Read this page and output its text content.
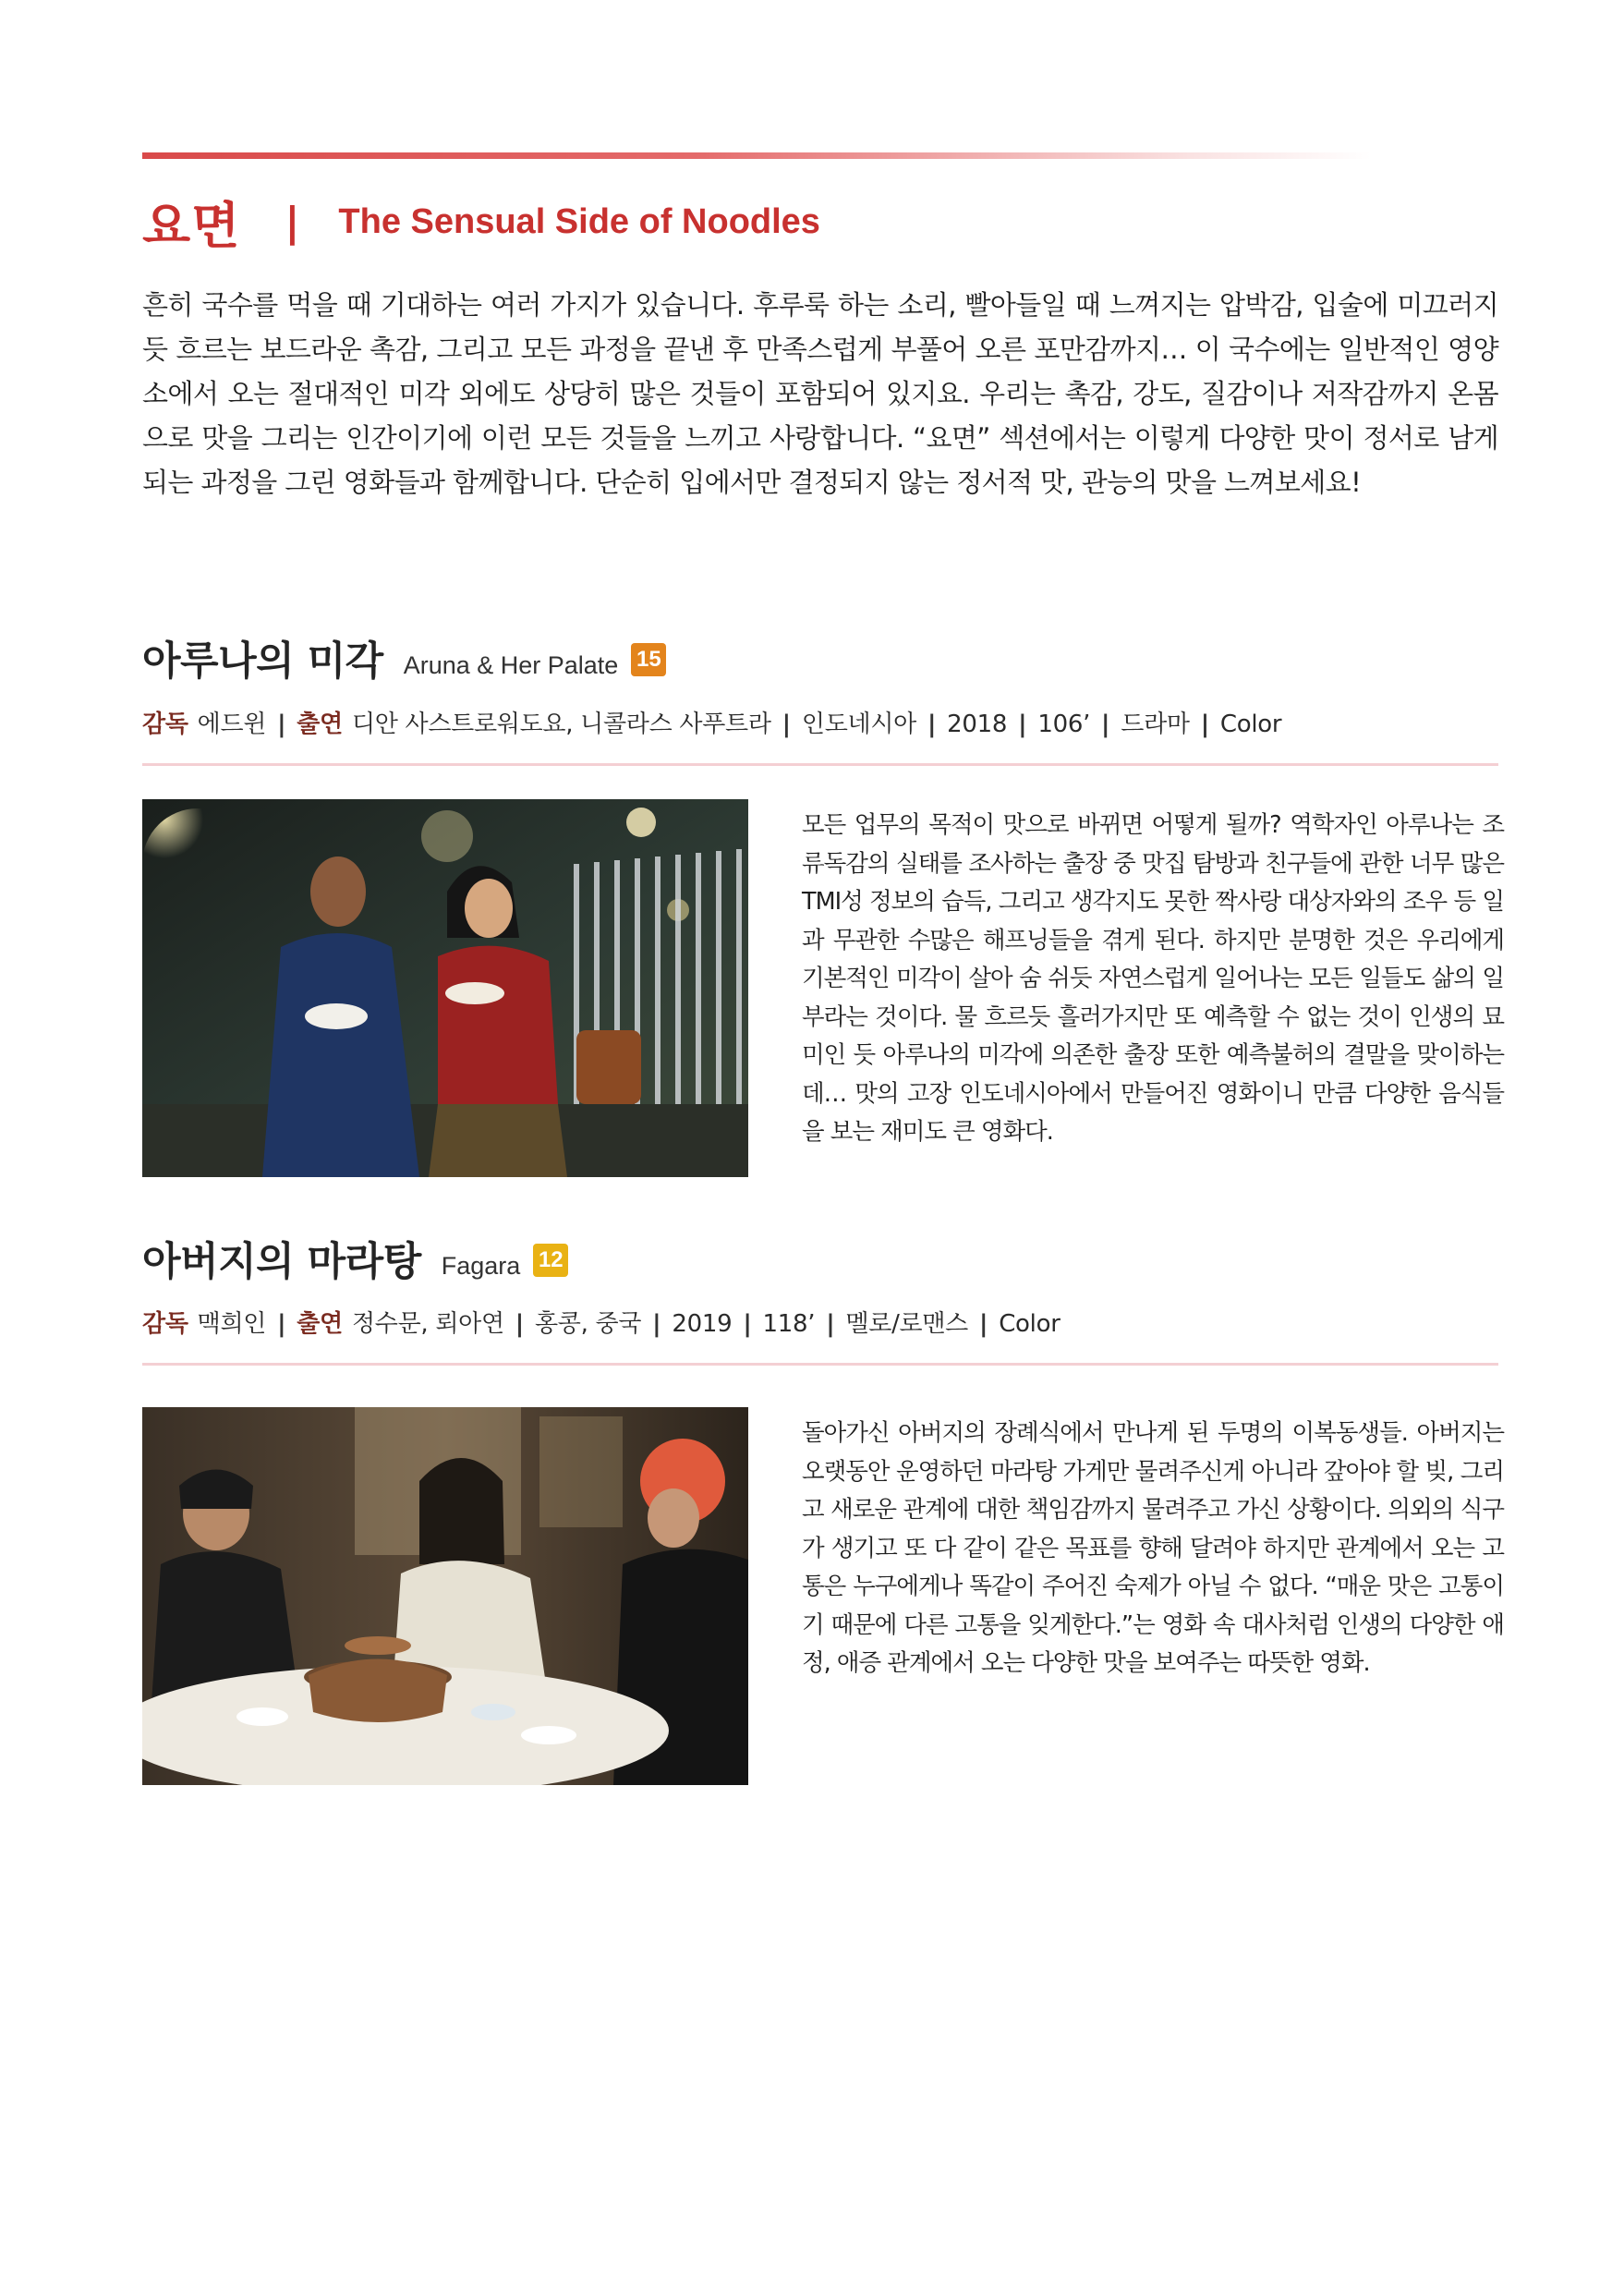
요면 | The Sensual Side of Noodles

흔히 국수를 먹을 때 기대하는 여러 가지가 있습니다. 후루룩 하는 소리, 빨아들일 때 느껴지는 압박감, 입술에 미끄러지듯 흐르는 보드라운 촉감, 그리고 모든 과정을 끝낸 후 만족스럽게 부풀어 오른 포만감까지… 이 국수에는 일반적인 영양소에서 오는 절대적인 미각 외에도 상당히 많은 것들이 포함되어 있지요. 우리는 촉감, 강도, 질감이나 저작감까지 온몸으로 맛을 그리는 인간이기에 이런 모든 것들을 느끼고 사랑합니다. “요면” 섹션에서는 이렇게 다양한 맛이 정서로 남게 되는 과정을 그린 영화들과 함께합니다. 단순히 입에서만 결정되지 않는 정서적 맛, 관능의 맛을 느껴보세요!

아루나의 미각 Aruna & Her Palate 15
감독 에드윈 | 출연 디안 사스트로워도요, 니콜라스 사푸트라 | 인도네시아 | 2018 | 106’ | 드라마 | Color

모든 업무의 목적이 맛으로 바뀌면 어떻게 될까? 역학자인 아루나는 조류독감의 실태를 조사하는 출장 중 맛집 탐방과 친구들에 관한 너무 많은 TMI성 정보의 습득, 그리고 생각지도 못한 짝사랑 대상자와의 조우 등 일과 무관한 수많은 해프닝들을 겪게 된다. 하지만 분명한 것은 우리에게 기본적인 미각이 살아 숨 쉬듯 자연스럽게 일어나는 모든 일들도 삶의 일부라는 것이다. 물 흐르듯 흘러가지만 또 예측할 수 없는 것이 인생의 묘미인 듯 아루나의 미각에 의존한 출장 또한 예측불허의 결말을 맞이하는데… 맛의 고장 인도네시아에서 만들어진 영화이니 만큼 다양한 음식들을 보는 재미도 큰 영화다.

아버지의 마라탕 Fagara 12
감독 맥희인 | 출연 정수문, 뢰아연 | 홍콩, 중국 | 2019 | 118’ | 멜로/로맨스 | Color

돌아가신 아버지의 장례식에서 만나게 된 두명의 이복동생들. 아버지는 오랫동안 운영하던 마라탕 가게만 물려주신게 아니라 갚아야 할 빚, 그리고 새로운 관계에 대한 책임감까지 물려주고 가신 상황이다. 의외의 식구가 생기고 또 다 같이 같은 목표를 향해 달려야 하지만 관계에서 오는 고통은 누구에게나 똑같이 주어진 숙제가 아닐 수 없다. “매운 맛은 고통이기 때문에 다른 고통을 잊게한다.”는 영화 속 대사처럼 인생의 다양한 애정, 애증 관계에서 오는 다양한 맛을 보여주는 따뜻한 영화.
